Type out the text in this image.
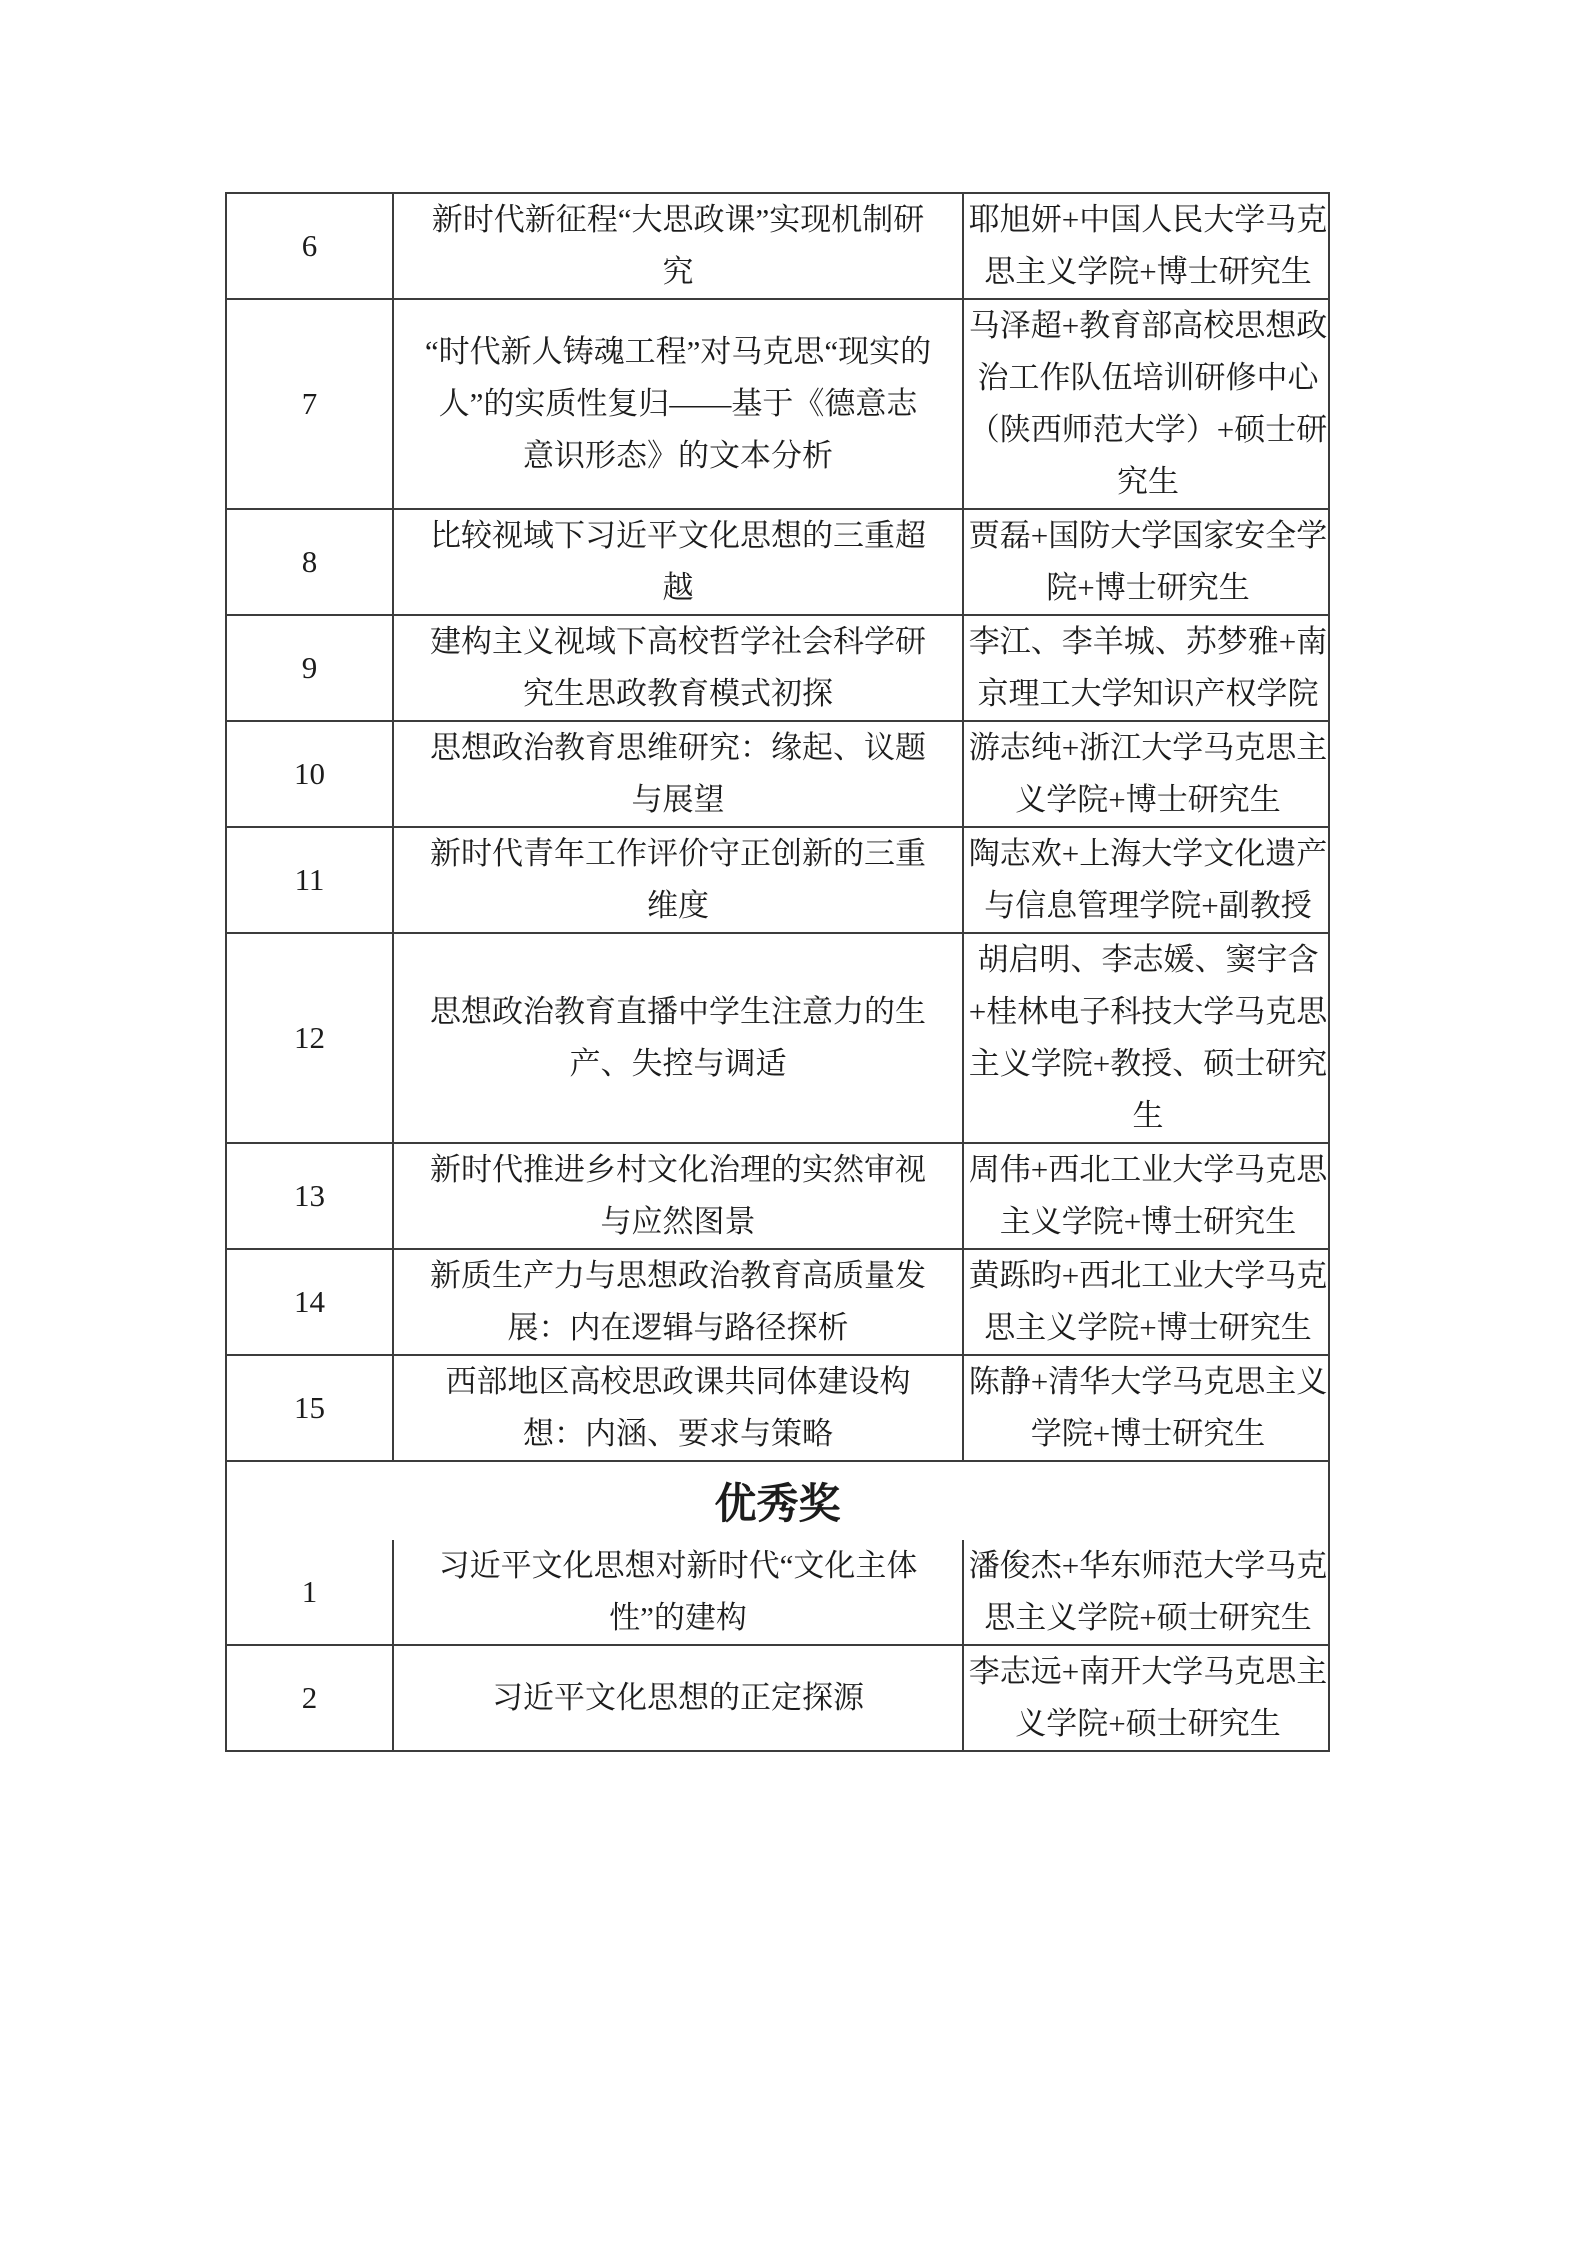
6
新时代新征程“大思政课”实现机制研究
耶旭妍+中国人民大学马克思主义学院+博士研究生
7
“时代新人铸魂工程”对马克思“现实的人”的实质性复归——基于《德意志意识形态》的文本分析
马泽超+教育部高校思想政治工作队伍培训研修中心（陕西师范大学）+硕士研究生
8
比较视域下习近平文化思想的三重超越
贾磊+国防大学国家安全学院+博士研究生
9
建构主义视域下高校哲学社会科学研究生思政教育模式初探
李江、李羊城、苏梦雅+南京理工大学知识产权学院
10
思想政治教育思维研究：缘起、议题与展望
游志纯+浙江大学马克思主义学院+博士研究生
11
新时代青年工作评价守正创新的三重维度
陶志欢+上海大学文化遗产与信息管理学院+副教授
12
思想政治教育直播中学生注意力的生产、失控与调适
胡启明、李志媛、窦宇含+桂林电子科技大学马克思主义学院+教授、硕士研究生
13
新时代推进乡村文化治理的实然审视与应然图景
周伟+西北工业大学马克思主义学院+博士研究生
14
新质生产力与思想政治教育高质量发展：内在逻辑与路径探析
黄跞昀+西北工业大学马克思主义学院+博士研究生
15
西部地区高校思政课共同体建设构想：内涵、要求与策略
陈静+清华大学马克思主义学院+博士研究生
优秀奖
1
习近平文化思想对新时代“文化主体性”的建构
潘俊杰+华东师范大学马克思主义学院+硕士研究生
2	习近平文化思想的正定探源
李志远+南开大学马克思主义学院+硕士研究生
